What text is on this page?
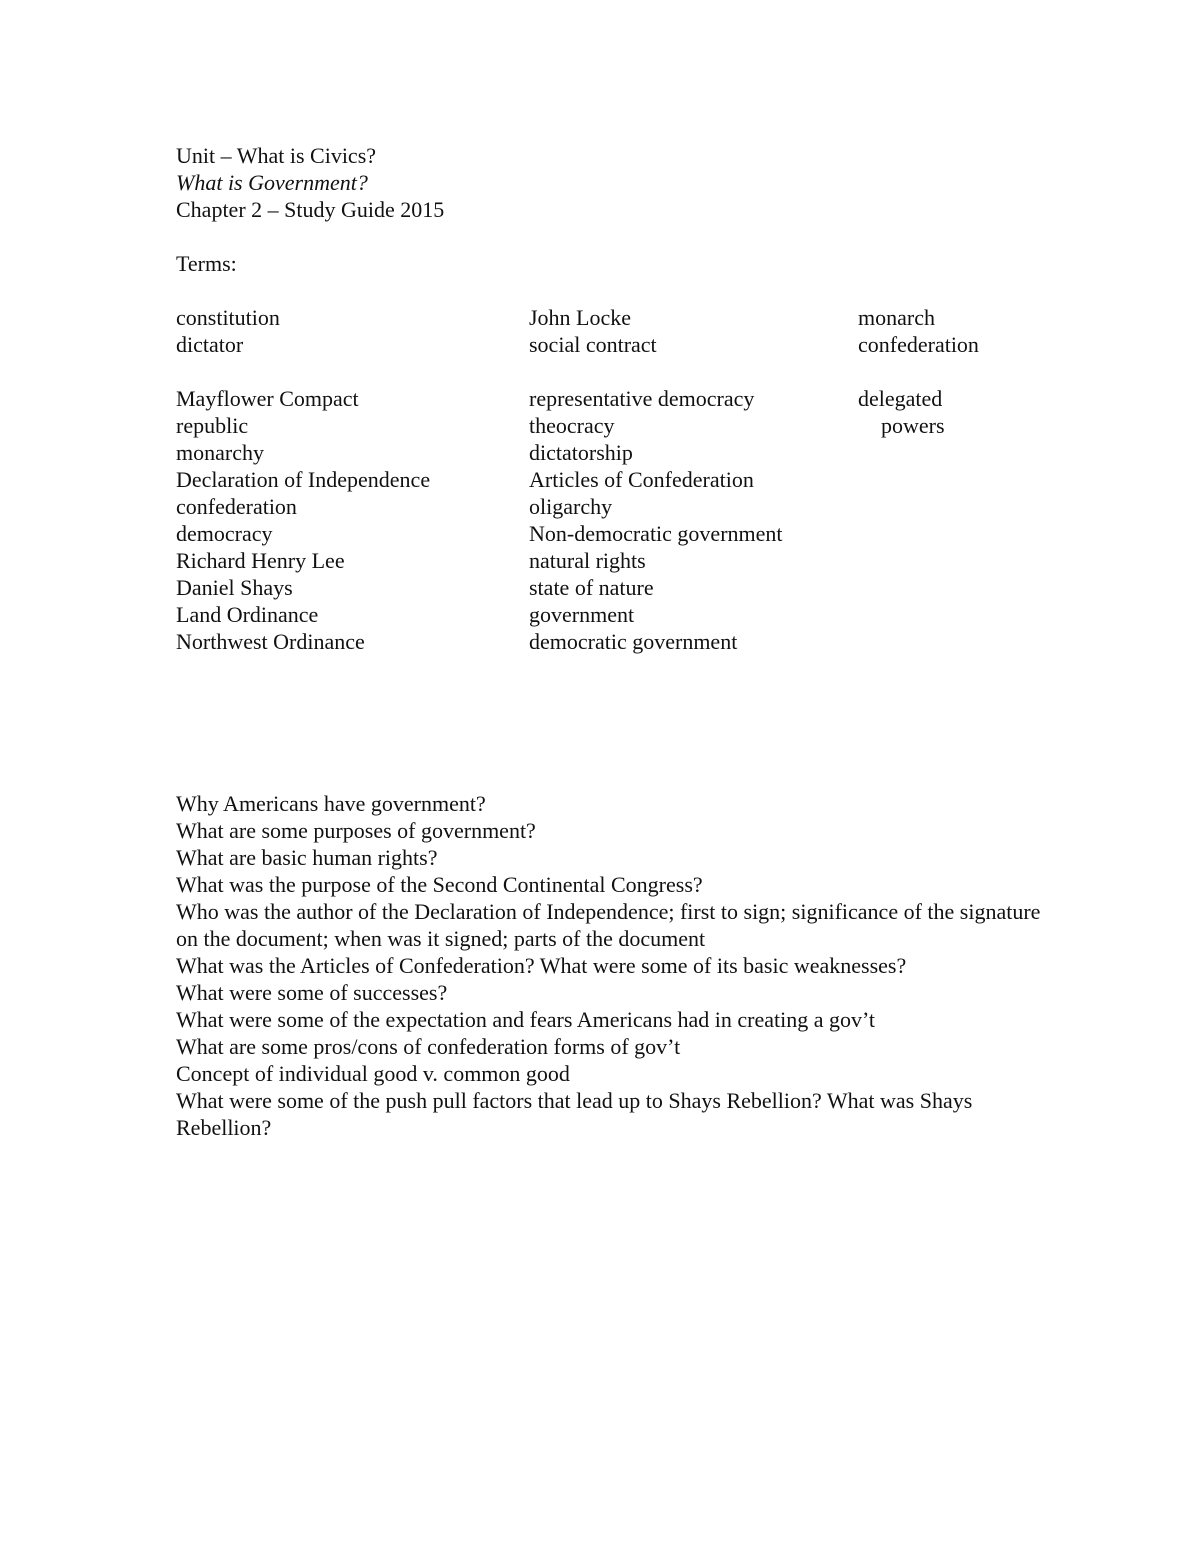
Unit – What is Civics?
What is Government?
Chapter 2 – Study Guide 2015
Terms:
constitution
dictator
Mayflower Compact
republic
monarchy
Declaration of Independence
confederation
democracy
Richard Henry Lee
Daniel Shays
Land Ordinance
Northwest Ordinance
John Locke
social contract
representative democracy
theocracy
dictatorship
Articles of Confederation
oligarchy
Non-democratic government
natural rights
state of nature
government
democratic government
monarch
confederation
delegated
powers
Why Americans have government?
What are some purposes of government?
What are basic human rights?
What was the purpose of the Second Continental Congress?
Who was the author of the Declaration of Independence; first to sign; significance of the signature on the document; when was it signed; parts of the document
What was the Articles of Confederation? What were some of its basic weaknesses?
What were some of successes?
What were some of the expectation and fears Americans had in creating a gov’t
What are some pros/cons of confederation forms of gov’t
Concept of individual good v. common good
What were some of the push pull factors that lead up to Shays Rebellion? What was Shays Rebellion?
